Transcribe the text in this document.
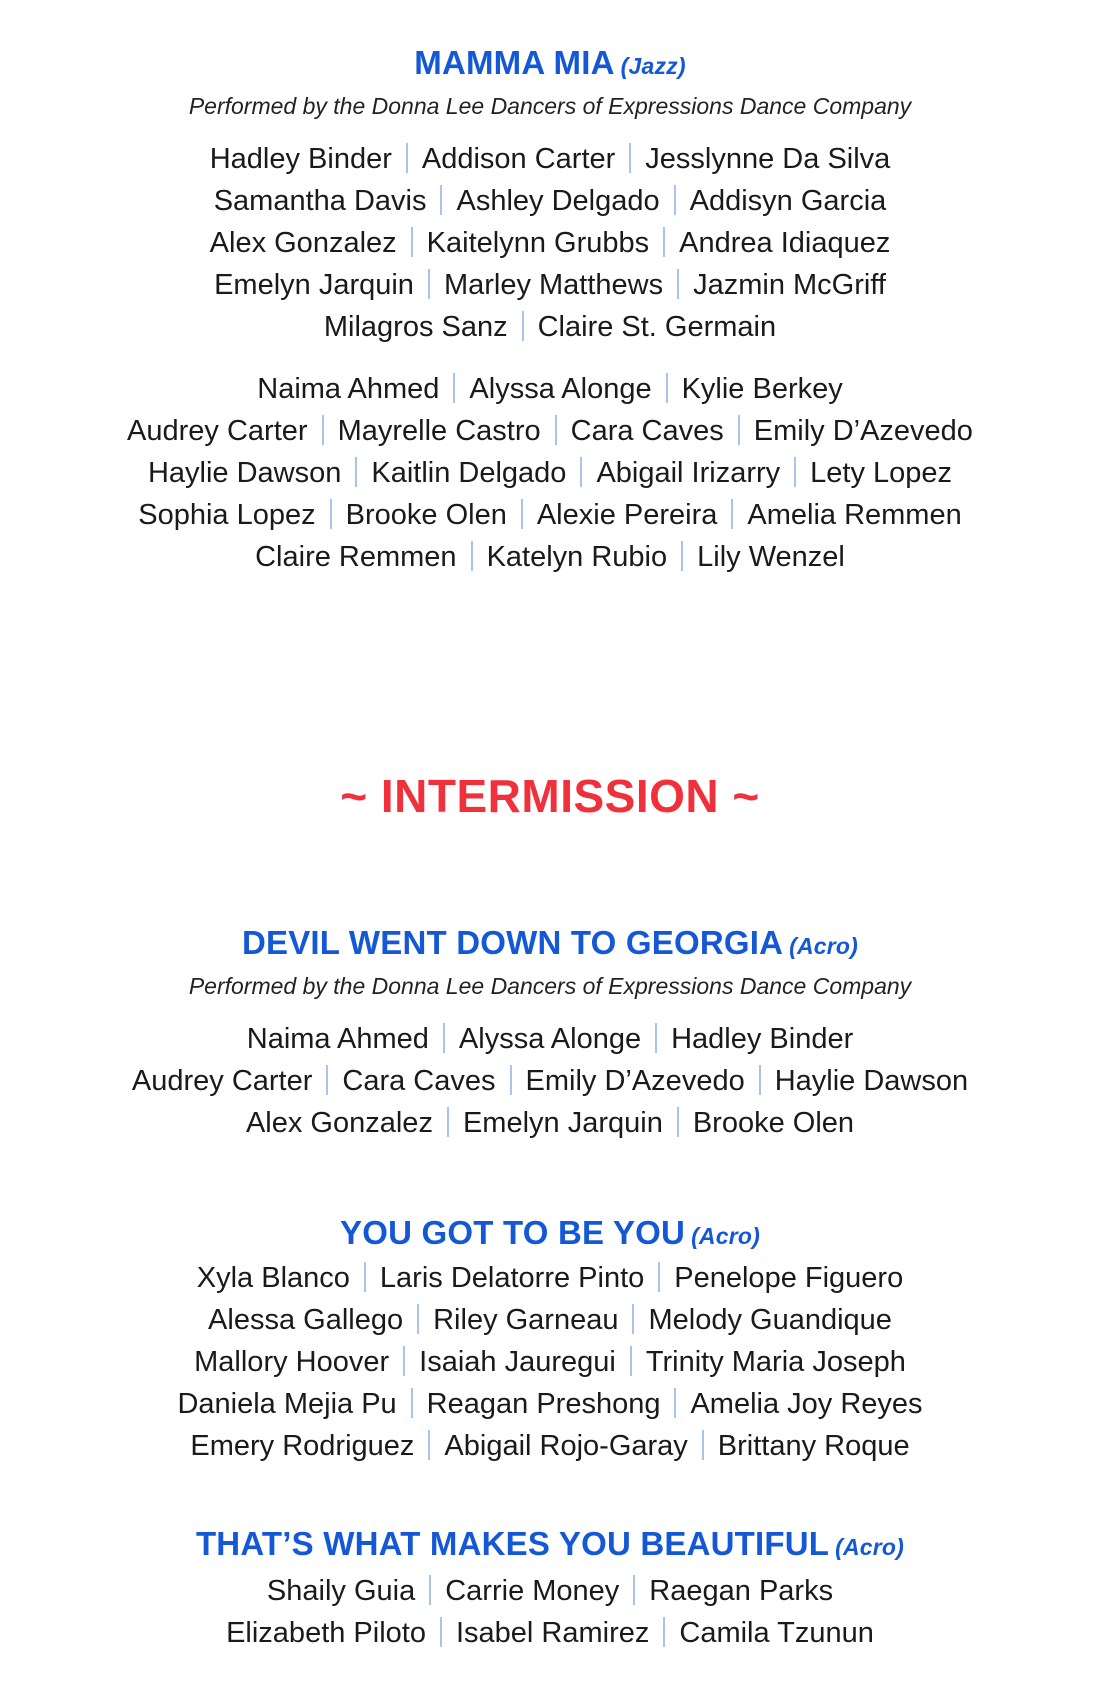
MAMMA MIA (Jazz)
Performed by the Donna Lee Dancers of Expressions Dance Company
Hadley Binder Addison Carter Jesslynne Da Silva
Samantha Davis Ashley Delgado Addisyn Garcia
Alex Gonzalez Kaitelynn Grubbs Andrea Idiaquez
Emelyn Jarquin Marley Matthews Jazmin McGriff
Milagros Sanz Claire St. Germain
Naima Ahmed Alyssa Alonge Kylie Berkey
Audrey Carter Mayrelle Castro Cara Caves Emily D’Azevedo
Haylie Dawson Kaitlin Delgado Abigail Irizarry Lety Lopez
Sophia Lopez Brooke Olen Alexie Pereira Amelia Remmen
Claire Remmen Katelyn Rubio Lily Wenzel
~ INTERMISSION ~
DEVIL WENT DOWN TO GEORGIA (Acro)
Performed by the Donna Lee Dancers of Expressions Dance Company
Naima Ahmed Alyssa Alonge Hadley Binder
Audrey Carter Cara Caves Emily D’Azevedo Haylie Dawson
Alex Gonzalez Emelyn Jarquin Brooke Olen
YOU GOT TO BE YOU (Acro)
Xyla Blanco Laris Delatorre Pinto Penelope Figuero
Alessa Gallego Riley Garneau Melody Guandique
Mallory Hoover Isaiah Jauregui Trinity Maria Joseph
Daniela Mejia Pu Reagan Preshong Amelia Joy Reyes
Emery Rodriguez Abigail Rojo-Garay Brittany Roque
THAT’S WHAT MAKES YOU BEAUTIFUL (Acro)
Shaily Guia Carrie Money Raegan Parks
Elizabeth Piloto Isabel Ramirez Camila Tzunun
